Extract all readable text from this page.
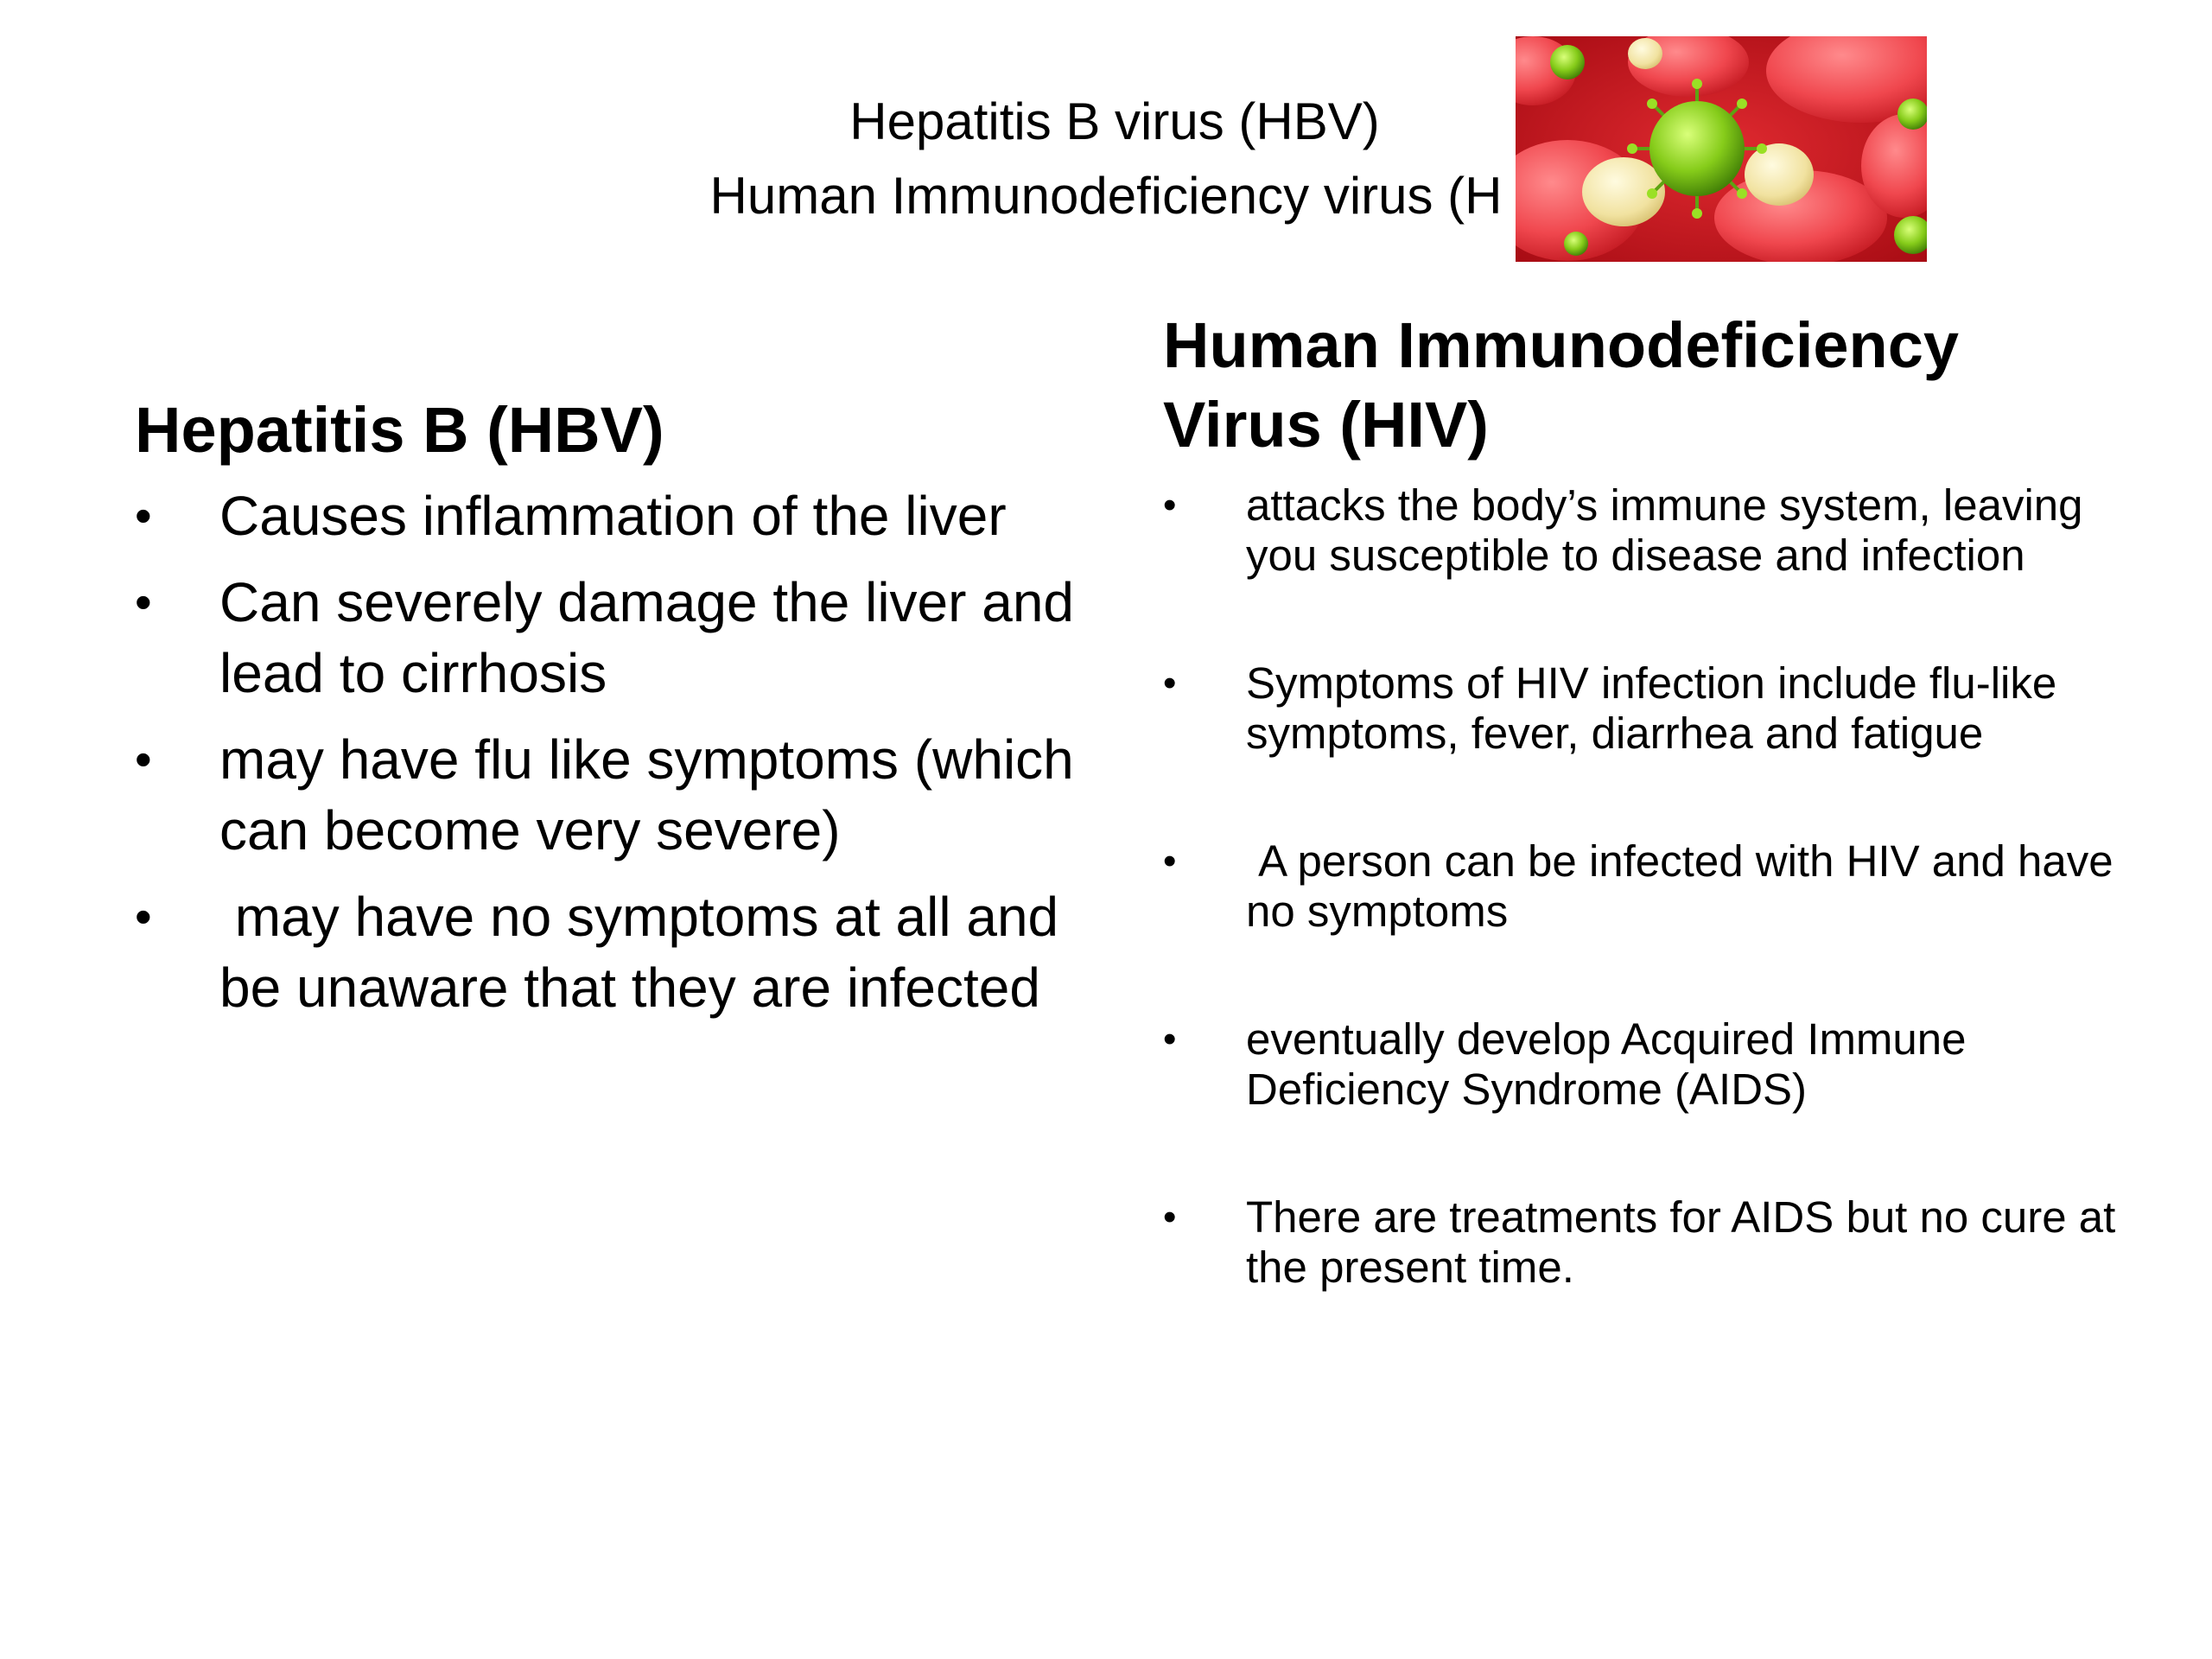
Hepatitis B virus (HBV)
Human Immunodeficiency virus (H
Hepatitis B (HBV)
• Causes inflammation of the liver
• Can severely damage the liver and lead to cirrhosis
• may have flu like symptoms (which can become very severe)
• may have no symptoms at all and be unaware that they are infected
Human Immunodeficiency Virus (HIV)
• attacks the body’s immune system, leaving you susceptible to disease and infection
• Symptoms of HIV infection include flu-like symptoms, fever, diarrhea and fatigue
• A person can be infected with HIV and have no symptoms
• eventually develop Acquired Immune Deficiency Syndrome (AIDS)
• There are treatments for AIDS but no cure at the present time.
